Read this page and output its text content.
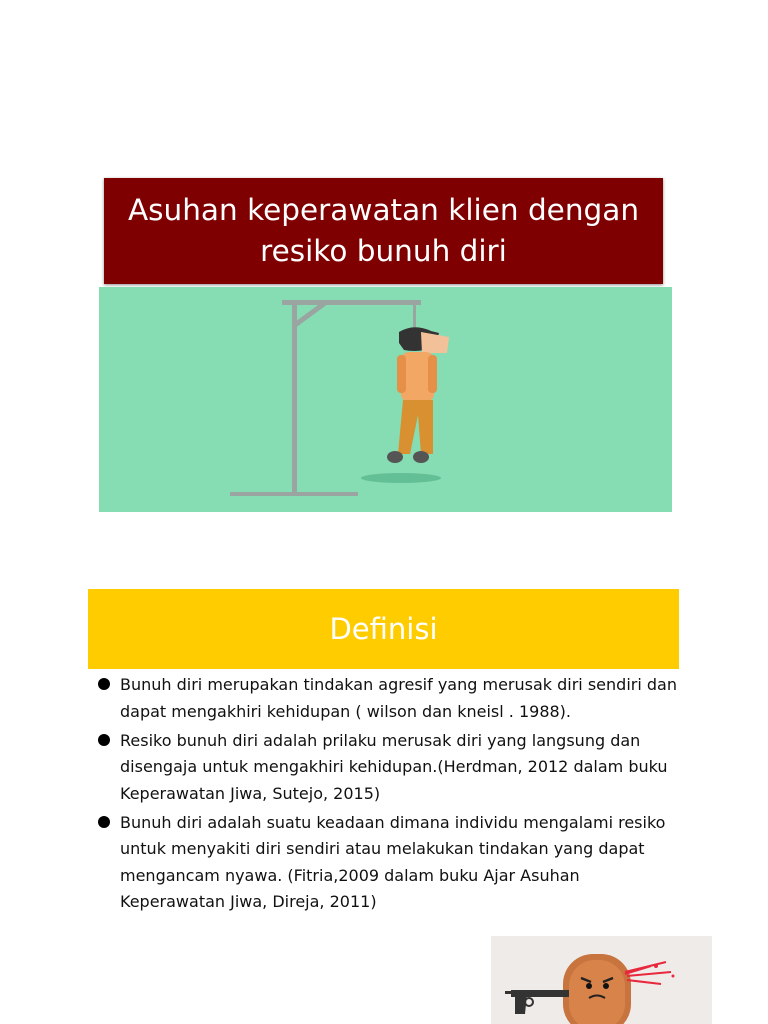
Asuhan keperawatan klien dengan resiko bunuh diri
Definisi
Bunuh diri merupakan tindakan agresif yang merusak diri sendiri dan dapat mengakhiri kehidupan ( wilson dan kneisl . 1988).
Resiko bunuh diri adalah prilaku merusak diri yang langsung dan disengaja untuk mengakhiri kehidupan.(Herdman, 2012 dalam buku Keperawatan Jiwa, Sutejo, 2015)
Bunuh diri adalah suatu keadaan dimana individu mengalami resiko untuk menyakiti diri sendiri atau melakukan tindakan yang dapat mengancam nyawa. (Fitria,2009 dalam buku Ajar Asuhan Keperawatan Jiwa, Direja, 2011)
